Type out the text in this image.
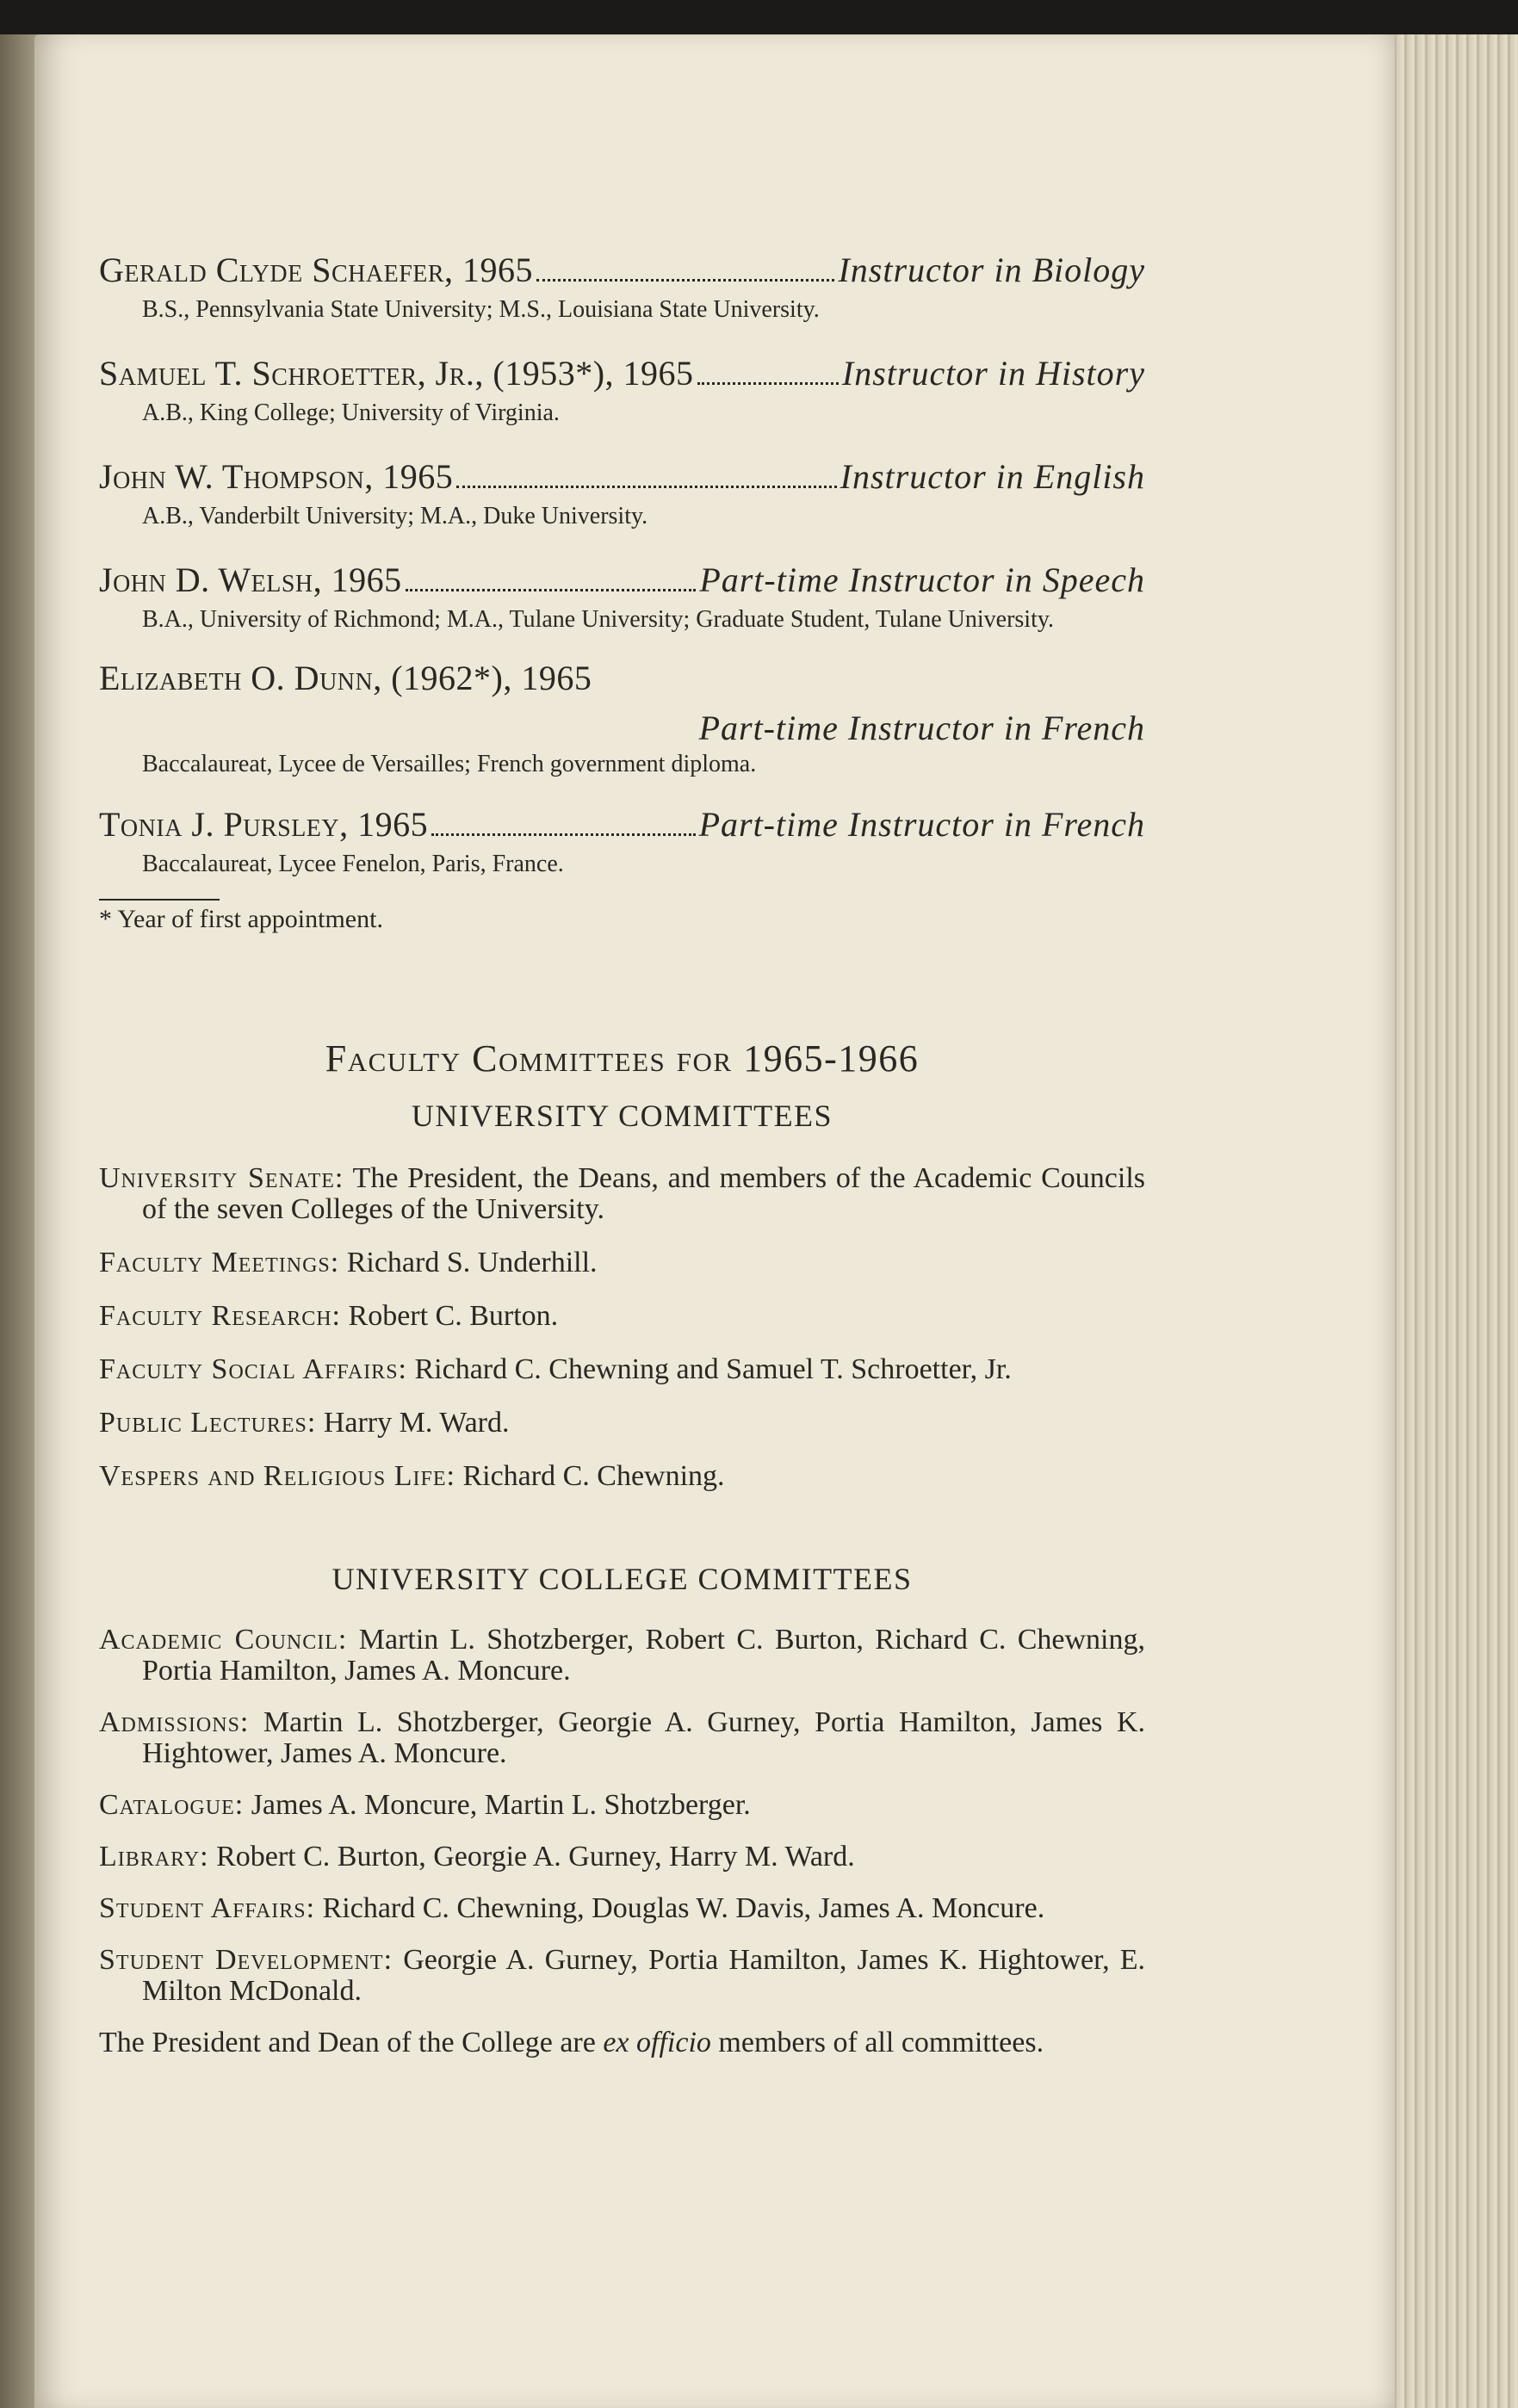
Gerald Clyde Schaefer, 1965	Instructor in Biology
B.S., Pennsylvania State University; M.S., Louisiana State University.
Samuel T. Schroetter, Jr., (1953*), 1965	Instructor in History
A.B., King College; University of Virginia.
John W. Thompson, 1965	Instructor in English
A.B., Vanderbilt University; M.A., Duke University.
John D. Welsh, 1965	Part-time Instructor in Speech
B.A., University of Richmond; M.A., Tulane University; Graduate Student, Tulane University.
Elizabeth O. Dunn, (1962*), 1965
Part-time Instructor in French
Baccalaureat, Lycee de Versailles; French government diploma.
Tonia J. Pursley, 1965	Part-time Instructor in French
Baccalaureat, Lycee Fenelon, Paris, France.
* Year of first appointment.
Faculty Committees for 1965-1966
UNIVERSITY COMMITTEES
University Senate: The President, the Deans, and members of the Academic Councils of the seven Colleges of the University.
Faculty Meetings: Richard S. Underhill.
Faculty Research: Robert C. Burton.
Faculty Social Affairs: Richard C. Chewning and Samuel T. Schroetter, Jr.
Public Lectures: Harry M. Ward.
Vespers and Religious Life: Richard C. Chewning.
UNIVERSITY COLLEGE COMMITTEES
Academic Council: Martin L. Shotzberger, Robert C. Burton, Richard C. Chewning, Portia Hamilton, James A. Moncure.
Admissions: Martin L. Shotzberger, Georgie A. Gurney, Portia Hamilton, James K. Hightower, James A. Moncure.
Catalogue: James A. Moncure, Martin L. Shotzberger.
Library: Robert C. Burton, Georgie A. Gurney, Harry M. Ward.
Student Affairs: Richard C. Chewning, Douglas W. Davis, James A. Moncure.
Student Development: Georgie A. Gurney, Portia Hamilton, James K. Hightower, E. Milton McDonald.
The President and Dean of the College are ex officio members of all committees.
